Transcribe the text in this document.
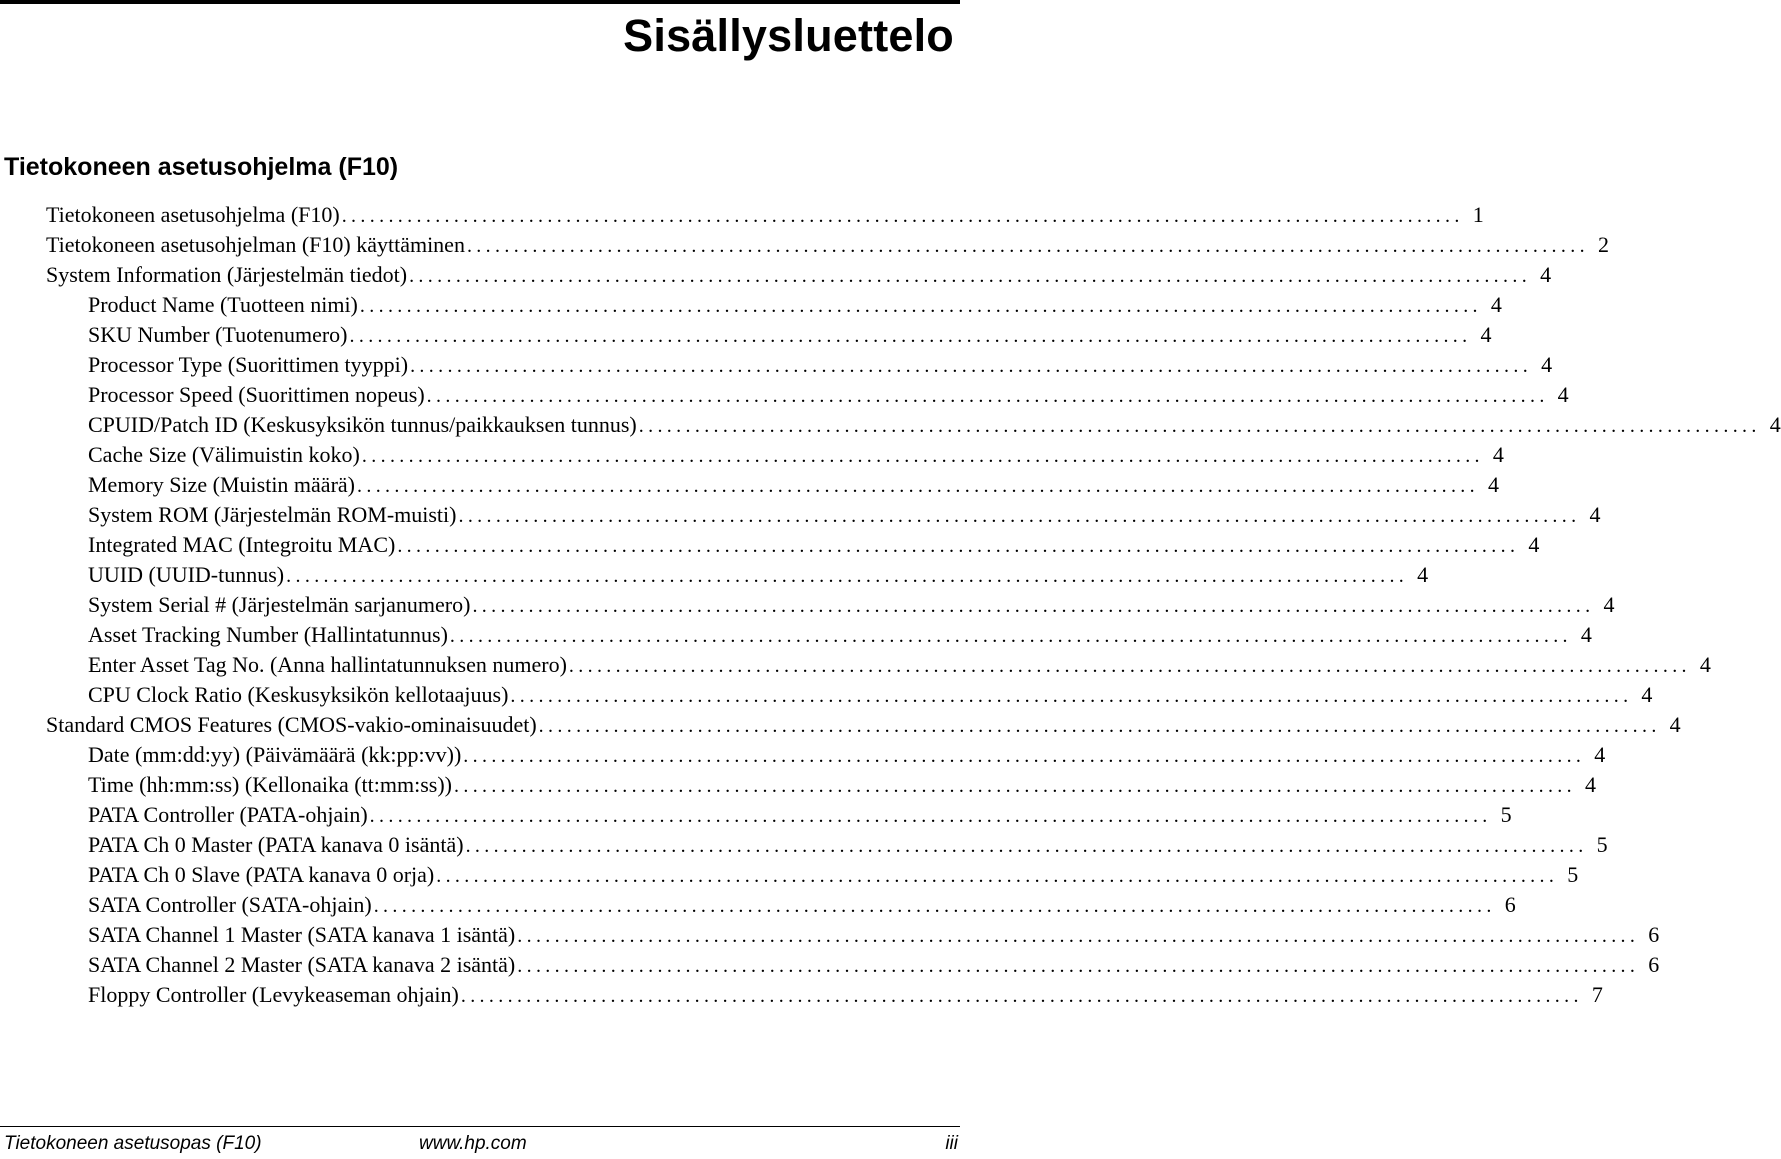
Sisällysluettelo
Tietokoneen asetusohjelma (F10)
Tietokoneen asetusohjelma (F10) ‎........................................................................................................................ 1
Tietokoneen asetusohjelman (F10) käyttäminen ‎........................................................................................................................ 2
System Information (Järjestelmän tiedot) ‎........................................................................................................................ 4
Product Name (Tuotteen nimi) ‎........................................................................................................................ 4
SKU Number (Tuotenumero) ‎........................................................................................................................ 4
Processor Type (Suorittimen tyyppi) ‎........................................................................................................................ 4
Processor Speed (Suorittimen nopeus) ‎........................................................................................................................ 4
CPUID/Patch ID (Keskusyksikön tunnus/paikkauksen tunnus) ‎........................................................................................................................ 4
Cache Size (Välimuistin koko) ‎........................................................................................................................ 4
Memory Size (Muistin määrä) ‎........................................................................................................................ 4
System ROM (Järjestelmän ROM-muisti) ‎........................................................................................................................ 4
Integrated MAC (Integroitu MAC) ‎........................................................................................................................ 4
UUID (UUID-tunnus) ‎........................................................................................................................ 4
System Serial # (Järjestelmän sarjanumero) ‎........................................................................................................................ 4
Asset Tracking Number (Hallintatunnus) ‎........................................................................................................................ 4
Enter Asset Tag No. (Anna hallintatunnuksen numero) ‎........................................................................................................................ 4
CPU Clock Ratio (Keskusyksikön kellotaajuus) ‎........................................................................................................................ 4
Standard CMOS Features (CMOS-vakio-ominaisuudet) ‎........................................................................................................................ 4
Date (mm:dd:yy) (Päivämäärä (kk:pp:vv)) ‎........................................................................................................................ 4
Time (hh:mm:ss) (Kellonaika (tt:mm:ss)) ‎........................................................................................................................ 4
PATA Controller (PATA-ohjain) ‎........................................................................................................................ 5
PATA Ch 0 Master (PATA kanava 0 isäntä) ‎........................................................................................................................ 5
PATA Ch 0 Slave (PATA kanava 0 orja) ‎........................................................................................................................ 5
SATA Controller (SATA-ohjain) ‎........................................................................................................................ 6
SATA Channel 1 Master (SATA kanava 1 isäntä) ‎........................................................................................................................ 6
SATA Channel 2 Master (SATA kanava 2 isäntä) ‎........................................................................................................................ 6
Floppy Controller (Levykeaseman ohjain) ‎........................................................................................................................ 7
Tietokoneen asetusopas (F10)	www.hp.com	iii
